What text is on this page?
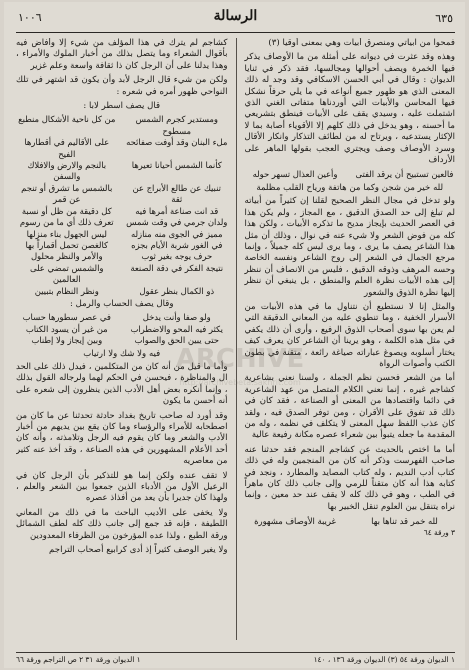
٦٣٥
الرسالة
١٠٠٦

فمحوا من ابياتي ومنصرق أبيات وهي بمعنى أوقيا (٣)

وهذه وقد عثرت في ديوانه على أمثلة من ما الأوصاف يذكر فيها الخمرة ويصف أحوالها ومجالسها، فقد ذكر في ثنايا الديوان : وقال في أبي الحسن الاسكافي وقد وجد له ذلك المعنى الذي هو ظهور جميع أنواعه في ما يلي حرفاً نشكل فيها المحاسن والأبيات التي أوردناها متفاتى الغني الذي اشتملت عليه ، وسيدي يقف على الأبيات فينطق بتشريعي ما أحسنه ، وهو يدخل في ذلك كلهم إلا الأقوياء أصابة بما لا الإكثار يستدعيه ، ويرتاح له من لطائف التذكار وانكار الأقال وسرد الأوصاف وصف ويجتري العجب بقولها الماهر على الأرداف

فالعين تستبيح أن يرقد الفتى
وأعين العذال تسهر حوله

لله خير من شجن وكما من هاتفة ورياح القلب مظلمة

ولو تدخل في مجال النظر الصحيح لقلنا إن كثيراً من أبياته لم تبلغ إلى حد الصدق الدقيق ، مع المجاز ، ولم يكن هذا في العصر الحديث بإيجاز مديح ما تذكره الأبيات ، ولكن هذا كله من فوض الشعر ولا شيء عنه في نوال ، وذلك أن مثل هذا الشاعر يصف ما يرى ، وما يرى ليس كله جميلاً ، وإنما مرجع الجمال في الشعر إلى روح الشاعر ونفسه الخاصة وحسه المرهف وذوقه الدقيق ، فليس من الانصاف أن ننظر إلى هذه الأبيات نظرة العلم والمنطق ، بل ينبغي أن ننظر إليها نظرة الذوق والشعور

والمثل إنا لا نستطيع أن نتناول ما في هذه الأبيات من الأسرار الخفية ، وما تنطوي عليه من المعاني الدقيقة التي لم يعن بها سوى أصحاب الذوق الرفيع ، وأرى أن ذلك يكفي في مثل هذه الكلمة ، وهو يرينا أن الشاعر كان يعرف كيف يختار أسلوبه ويصوغ عباراته صياغة رائعة ، متقنة في بطون الكتب وأصوات الرواة

أما من الشعر فحسن نظم الجملة ، ولسنا نعني بشاعرية كشاجم غيره ، إنما نعني الكلام المتصل من عهد الشاعرية في دائما واقتصادها من المعنى أو الصناعة ، فقد كان في ذلك قد تفوق على الأقران ، ومن توفر الصدق فيه ، ولقد كان عذب اللفظ سهل المعنى لا يتكلف في نظمه ، وله من المقدمة ما جعله يتبوأ بين شعراء عصره مكانة رفيعة عالية

أما ما اختص بالحديث عن كشاجم المنجم فقد حدثنا عنه صاحب الفهرست وذكر أنه كان من المنجمين وله في ذلك كتاب أدب النديم ، وله كتاب المصايد والمطارد ، ونجد في كتابه هذا أنه كان متقناً للرمي وإلى جانب ذلك كان ماهراً في الطب ، وهو في ذلك كله لا يقف عند حد معين ، وإنما نراه يتنقل بين العلوم تنقل الخبير بها

لله خمر قد تناها بها
غريبة الأوصاف مشهورة

٣ ورقة ٦٤

كشاجم لم يترك في هذا المؤلف من شيء إلا وأفاض فيه بأقوال الشعراء وما يتصل بذلك من أخبار الملوك والأمراء ، وهذا يدلنا على أن الرجل كان ذا ثقافة واسعة وعلم غزير

ولكن من شيء قال الرجل لأبد وأن يكون قد اشتهر في تلك النواحي ظهور أمره في شعره :

قال يصف اسطر لابا :

ومستدير كجرم الشمس مسطوح
من كل ناحية الأشكال منطبع
ملء البنان وقد أوفت صفائحه
على الأقاليم في أقطارها الفيح
كأنما الشمس أحيانا تعيرها
بالنجم والارض والافلاك والسفن
تنبيك عن طالع الأبراج عن ثقة
بالشمس ما تشرق أو تنجم عن قمر
قد انت صناعة أمرها فيه
كل دقيقة من ظل أو نسبة
ولدان جرمي في وقت شمس
تعرف ذلك أي ما من رسوم
مميز في الجوى منه منازله
ليس الجهول بناء منزلها
في الغور شربة الأيام بجزه
كالغصن تحمل أقماراً بها
حرف يوجه بغير ثوب
والأمر والنظر محلول
نتيجة الفكر في دقة الصنعة
والشمس تمضي على العالمين
ذو الكمال بنظر عقول
ونظر النظام بتبيين

وقال يصف الحساب والرمل :

ولو صفا وأنت يدخل
في عصر سطورها حساب
يكثر فيه المحو والاضطراب
من غير أن يسود الكتاب
حتى يبين الحق والصواب
وبين إيجاز ولا إطناب

فيه ولا شك ولا ارتياب

وأما ما قيل من أنه كان من المتكلمين ، فيدل ذلك على الحد ال والمناظرة ، فيحسن في الحكم لهما ولرجاله القول بذلك ، وإنما أنكره بعض أهل الأدب الذين ينظرون إلى شعره على أنه أحسن ما يكون

وقد أورد له صاحب تاريخ بغداد حادثة تحدثنا عن ما كان من اصطحابه للأمراء والرؤساء وما كان يقع بين يديهم من أخبار الأدب والشعر وما كان يقوم فيه الرجل وتلامذته ، وأنه كان أحد الأعلام المشهورين في هذه الصناعة ، وقد أخذ عنه كثير من معاصريه

لا تقف عنده ولكن إنما هو للتذكير بأن الرجل كان في الرعيل الأول من الأدباء الذين جمعوا بين الشعر والعلم ، ولهذا كان جديرا بأن يعد من أفذاذ عصره

ولا يخفى على الأديب الباحث ما في ذلك من المعاني اللطيفة ، فإنه قد جمع إلى جانب ذلك كله لطف الشمائل ورقة الطبع ، ولذا عده المؤرخون من الظرفاء المعدودين

ولا يغير الوصف كثيراً إذ أدى كرابيع أصحاب التراجم

١ الديوان ورقة ٥٤ (٣) الديوان ورقة ١٣٦ ، ١٤٠
١ الديوان ورقة ٣١ ٢ ص التراجم ورقة ٦٦
